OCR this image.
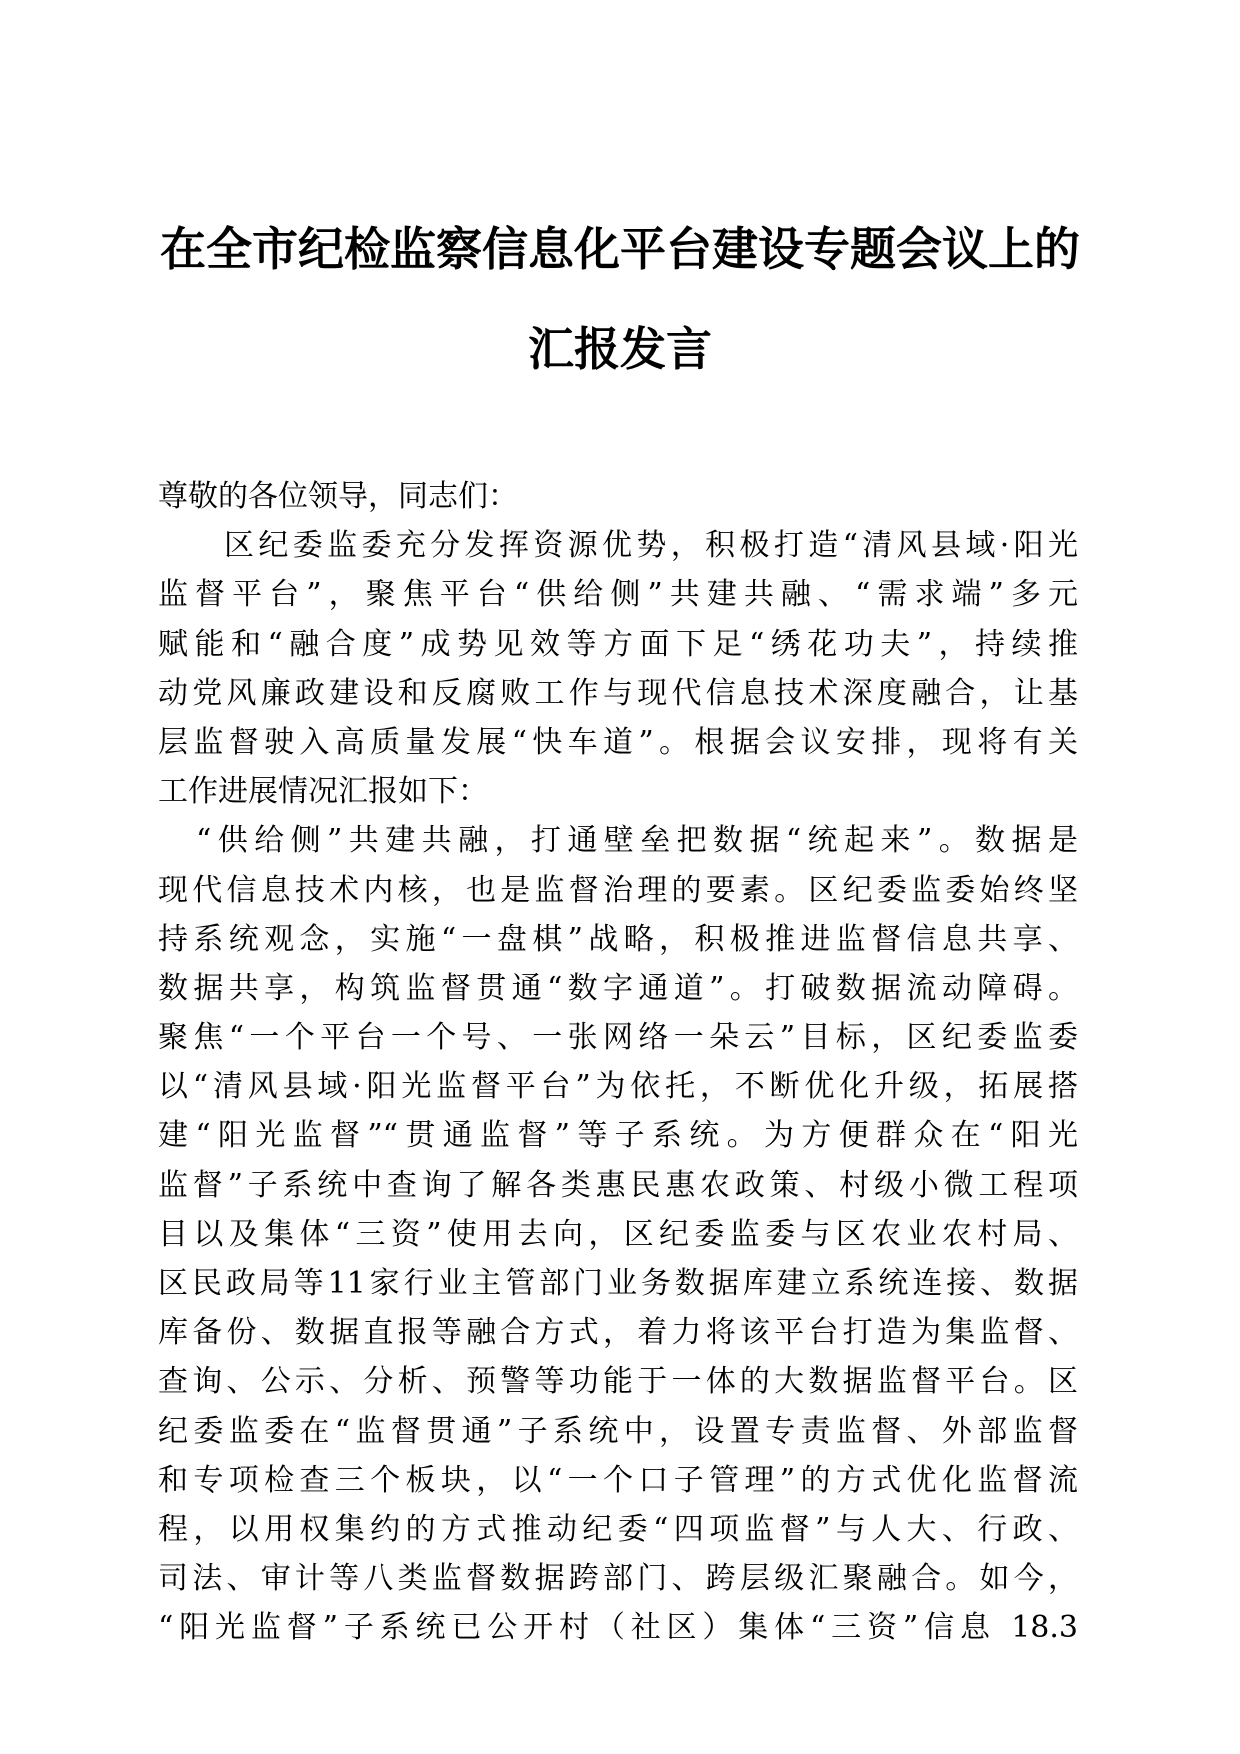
在全市纪检监察信息化平台建设专题会议上的
汇报发言
尊敬的各位领导，同志们：
区纪委监委充分发挥资源优势，积极打造“清风县域·阳光
监督平台”，聚焦平台“供给侧”共建共融、“需求端”多元
赋能和“融合度”成势见效等方面下足“绣花功夫”，持续推
动党风廉政建设和反腐败工作与现代信息技术深度融合，让基
层监督驶入高质量发展“快车道”。根据会议安排，现将有关
工作进展情况汇报如下：
“供给侧”共建共融，打通壁垒把数据“统起来”。数据是
现代信息技术内核，也是监督治理的要素。区纪委监委始终坚
持系统观念，实施“一盘棋”战略，积极推进监督信息共享、
数据共享，构筑监督贯通“数字通道”。打破数据流动障碍。
聚焦“一个平台一个号、一张网络一朵云”目标，区纪委监委
以“清风县域·阳光监督平台”为依托，不断优化升级，拓展搭
建“阳光监督”“贯通监督”等子系统。为方便群众在“阳光
监督”子系统中查询了解各类惠民惠农政策、村级小微工程项
目以及集体“三资”使用去向，区纪委监委与区农业农村局、
区民政局等11家行业主管部门业务数据库建立系统连接、数据
库备份、数据直报等融合方式，着力将该平台打造为集监督、
查询、公示、分析、预警等功能于一体的大数据监督平台。区
纪委监委在“监督贯通”子系统中，设置专责监督、外部监督
和专项检查三个板块，以“一个口子管理”的方式优化监督流
程，以用权集约的方式推动纪委“四项监督”与人大、行政、
司法、审计等八类监督数据跨部门、跨层级汇聚融合。如今，
“阳光监督”子系统已公开村（社区）集体“三资”信息 18.3
